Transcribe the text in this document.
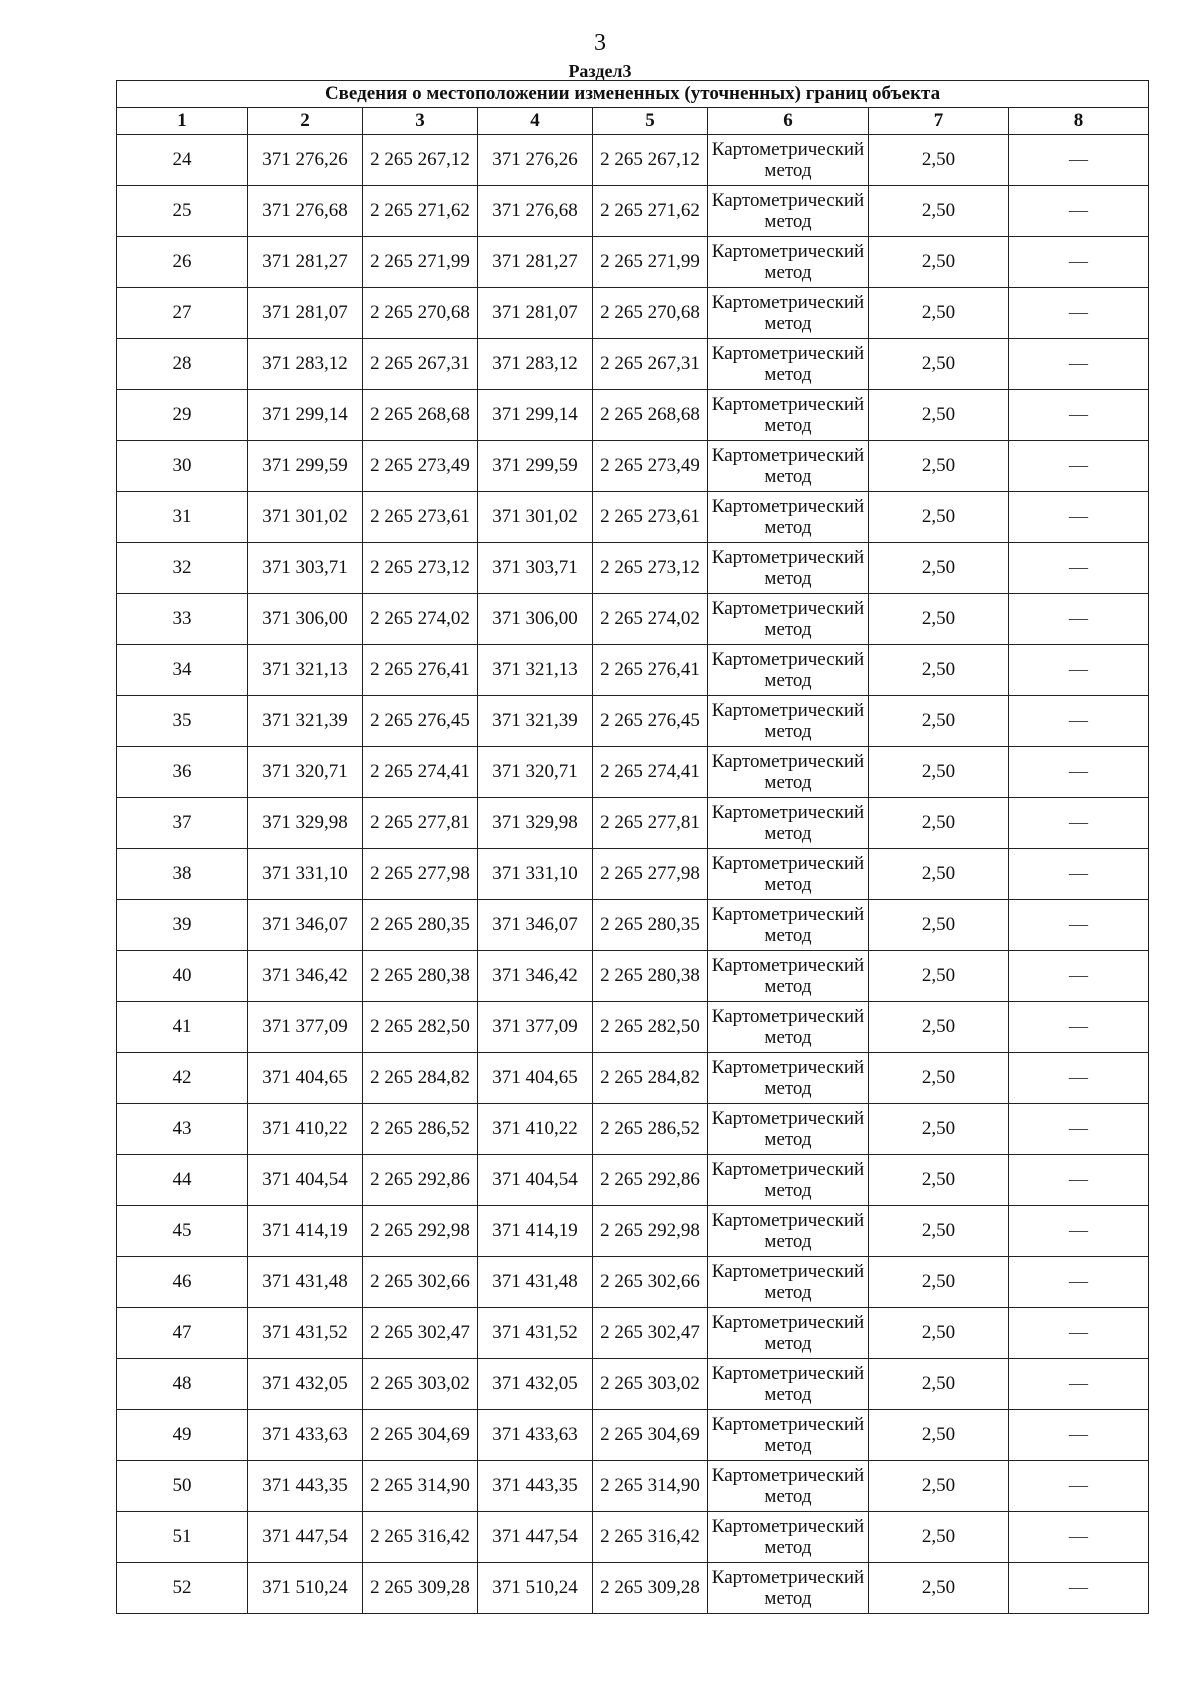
3
Раздел3
Сведения о местоположении измененных (уточненных) границ объекта							
1	2	3	4	5	6	7	8
24	371 276,26	2 265 267,12	371 276,26	2 265 267,12	Картометрический метод	2,50	—
25	371 276,68	2 265 271,62	371 276,68	2 265 271,62	Картометрический метод	2,50	—
26	371 281,27	2 265 271,99	371 281,27	2 265 271,99	Картометрический метод	2,50	—
27	371 281,07	2 265 270,68	371 281,07	2 265 270,68	Картометрический метод	2,50	—
28	371 283,12	2 265 267,31	371 283,12	2 265 267,31	Картометрический метод	2,50	—
29	371 299,14	2 265 268,68	371 299,14	2 265 268,68	Картометрический метод	2,50	—
30	371 299,59	2 265 273,49	371 299,59	2 265 273,49	Картометрический метод	2,50	—
31	371 301,02	2 265 273,61	371 301,02	2 265 273,61	Картометрический метод	2,50	—
32	371 303,71	2 265 273,12	371 303,71	2 265 273,12	Картометрический метод	2,50	—
33	371 306,00	2 265 274,02	371 306,00	2 265 274,02	Картометрический метод	2,50	—
34	371 321,13	2 265 276,41	371 321,13	2 265 276,41	Картометрический метод	2,50	—
35	371 321,39	2 265 276,45	371 321,39	2 265 276,45	Картометрический метод	2,50	—
36	371 320,71	2 265 274,41	371 320,71	2 265 274,41	Картометрический метод	2,50	—
37	371 329,98	2 265 277,81	371 329,98	2 265 277,81	Картометрический метод	2,50	—
38	371 331,10	2 265 277,98	371 331,10	2 265 277,98	Картометрический метод	2,50	—
39	371 346,07	2 265 280,35	371 346,07	2 265 280,35	Картометрический метод	2,50	—
40	371 346,42	2 265 280,38	371 346,42	2 265 280,38	Картометрический метод	2,50	—
41	371 377,09	2 265 282,50	371 377,09	2 265 282,50	Картометрический метод	2,50	—
42	371 404,65	2 265 284,82	371 404,65	2 265 284,82	Картометрический метод	2,50	—
43	371 410,22	2 265 286,52	371 410,22	2 265 286,52	Картометрический метод	2,50	—
44	371 404,54	2 265 292,86	371 404,54	2 265 292,86	Картометрический метод	2,50	—
45	371 414,19	2 265 292,98	371 414,19	2 265 292,98	Картометрический метод	2,50	—
46	371 431,48	2 265 302,66	371 431,48	2 265 302,66	Картометрический метод	2,50	—
47	371 431,52	2 265 302,47	371 431,52	2 265 302,47	Картометрический метод	2,50	—
48	371 432,05	2 265 303,02	371 432,05	2 265 303,02	Картометрический метод	2,50	—
49	371 433,63	2 265 304,69	371 433,63	2 265 304,69	Картометрический метод	2,50	—
50	371 443,35	2 265 314,90	371 443,35	2 265 314,90	Картометрический метод	2,50	—
51	371 447,54	2 265 316,42	371 447,54	2 265 316,42	Картометрический метод	2,50	—
52	371 510,24	2 265 309,28	371 510,24	2 265 309,28	Картометрический метод	2,50	—
